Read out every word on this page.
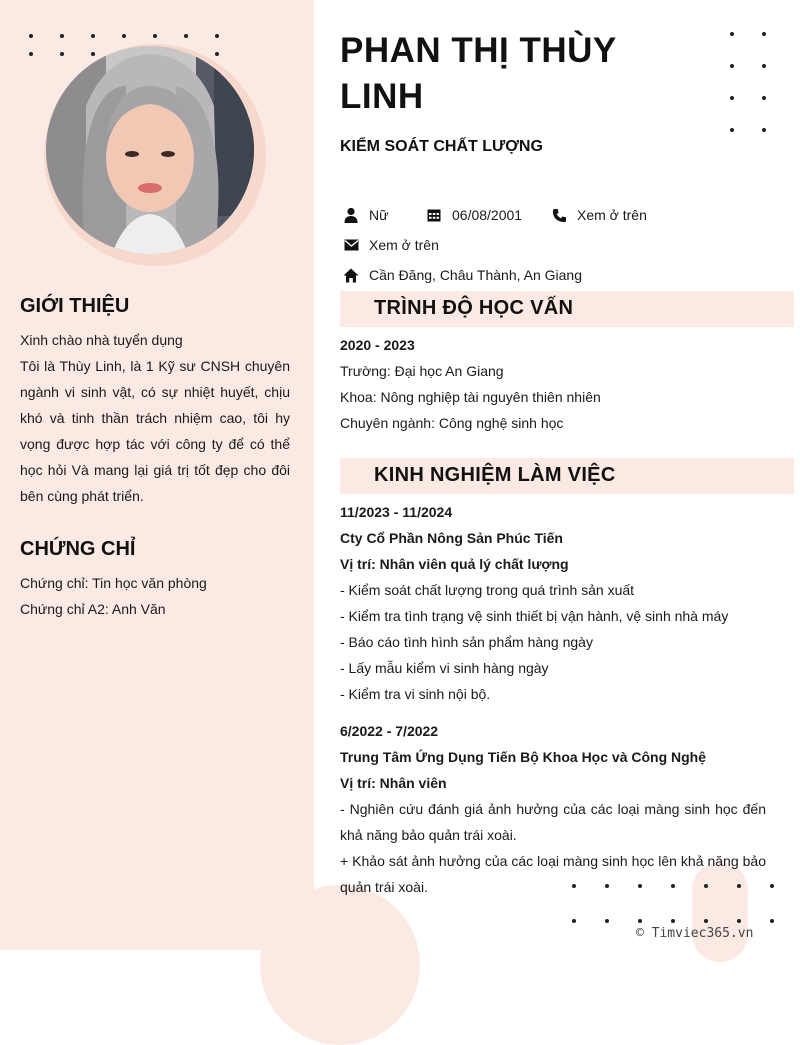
GIỚI THIỆU

Xinh chào nhà tuyển dụng

Tôi là Thùy Linh, là 1 Kỹ sư CNSH chuyên ngành vi sinh vật, có sự nhiệt huyết, chịu khó và tinh thần trách nhiệm cao, tôi hy vọng được hợp tác với công ty để có thể học hỏi Và mang lại giá trị tốt đẹp cho đôi bên cùng phát triển.

CHỨNG CHỈ

Chứng chỉ: Tin học văn phòng

Chứng chỉ A2: Anh Văn

PHAN THỊ THÙY LINH
KIỂM SOÁT CHẤT LƯỢNG
Nữ	06/08/2001	Xem ở trên
Xem ở trên
Cần Đăng, Châu Thành, An Giang
TRÌNH ĐỘ HỌC VẤN
2020 - 2023
Trường: Đại học An Giang
Khoa: Nông nghiệp tài nguyên thiên nhiên
Chuyên ngành: Công nghệ sinh học
KINH NGHIỆM LÀM VIỆC
11/2023 - 11/2024
Cty Cổ Phần Nông Sản Phúc Tiến
Vị trí: Nhân viên quả lý chất lượng
- Kiểm soát chất lượng trong quá trình sản xuất
- Kiểm tra tình trạng vệ sinh thiết bị vận hành, vệ sinh nhà máy
- Báo cáo tình hình sản phẩm hàng ngày
- Lấy mẫu kiểm vi sinh hàng ngày
- Kiểm tra vi sinh nội bộ.
6/2022 - 7/2022
Trung Tâm Ứng Dụng Tiến Bộ Khoa Học và Công Nghệ
Vị trí: Nhân viên
- Nghiên cứu đánh giá ảnh hưởng của các loại màng sinh học đến khả năng bảo quản trái xoài.
+ Khảo sát ảnh hưởng của các loại màng sinh học lên khả năng bảo quản trái xoài.
© Timviec365.vn
